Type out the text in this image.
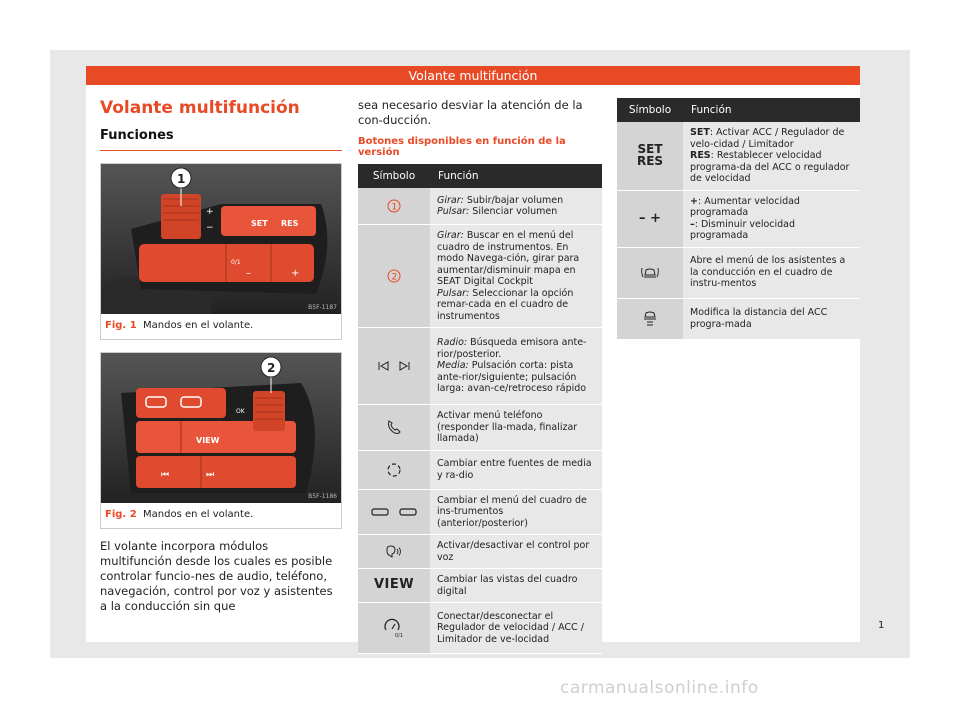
Volante multifunción
Volante multifunción
Funciones
+
−	SET RES
0/1
–	+
1
B5F-1187
Fig. 1 Mandos en el volante.
OK
VIEW
⏮	⏭
2
B5F-1186
Fig. 2 Mandos en el volante.

El volante incorpora módulos multifunción desde los cuales es posible controlar funcio-nes de audio, teléfono, navegación, control por voz y asistentes a la conducción sin que

sea necesario desviar la atención de la con-ducción.

Botones disponibles en función de la versión
Símbolo	Función

1	Girar: Subir/bajar volumen
Pulsar: Silenciar volumen

2	Girar: Buscar en el menú del cuadro de instrumentos. En modo Navega-ción, girar para aumentar/disminuir mapa en SEAT Digital Cockpit
Pulsar: Seleccionar la opción remar-cada en el cuadro de instrumentos
	Radio: Búsqueda emisora ante-rior/posterior.
Media: Pulsación corta: pista ante-rior/siguiente; pulsación larga: avan-ce/retroceso rápido
	Activar menú teléfono (responder lla-mada, finalizar llamada)
	Cambiar entre fuentes de media y ra-dio
	Cambiar el menú del cuadro de ins-trumentos (anterior/posterior)
	Activar/desactivar el control por voz
VIEW	Cambiar las vistas del cuadro digital

0/1	Conectar/desconectar el Regulador de velocidad / ACC / Limitador de ve-locidad
Símbolo	Función
SET RES	SET: Activar ACC / Regulador de velo-cidad / Limitador
RES: Restablecer velocidad programa-da del ACC o regulador de velocidad
– +	+: Aumentar velocidad programada
–: Disminuir velocidad programada
	Abre el menú de los asistentes a la conducción en el cuadro de instru-mentos
	Modifica la distancia del ACC progra-mada
1
carmanualsonline.info
